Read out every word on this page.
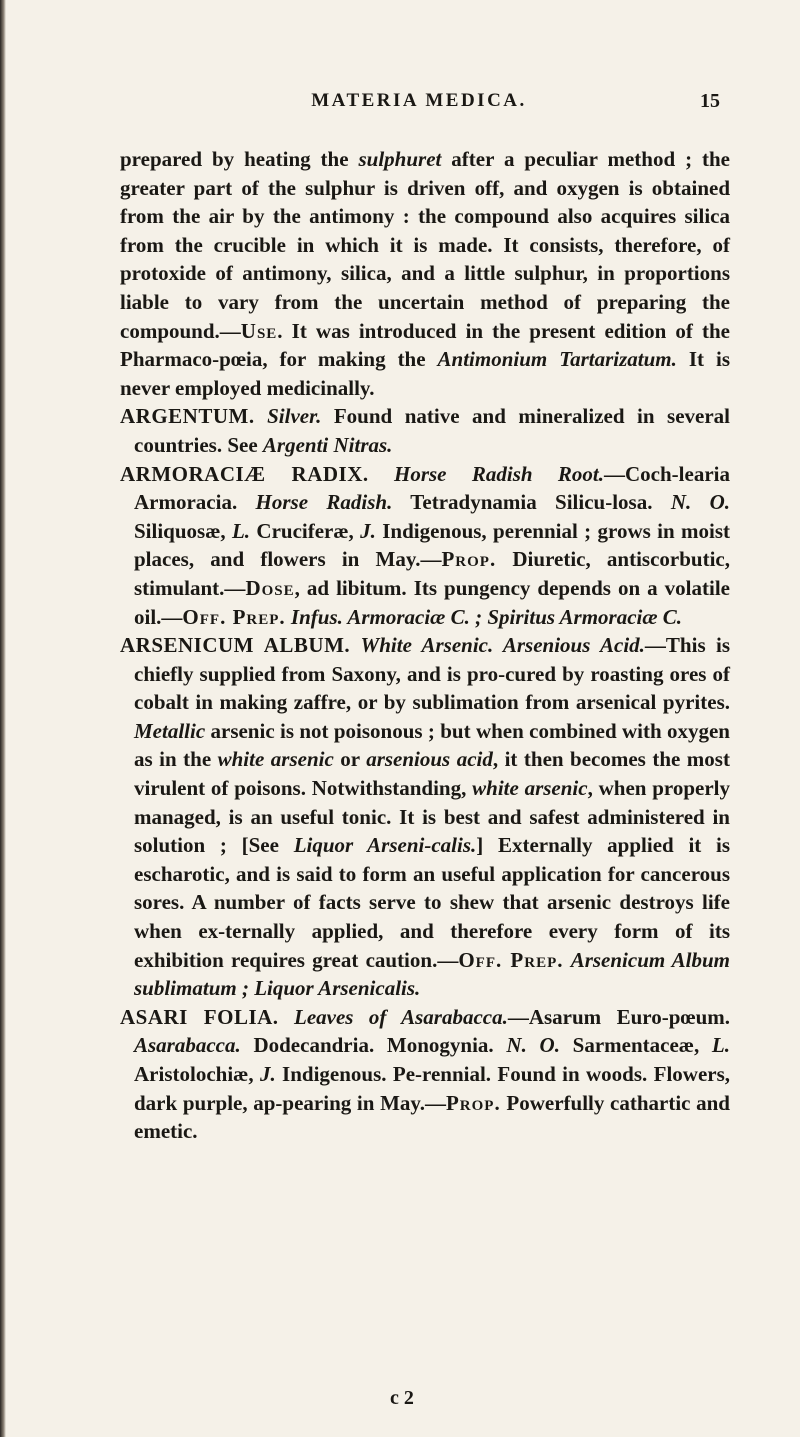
MATERIA MEDICA.	15

prepared by heating the sulphuret after a peculiar method ; the greater part of the sulphur is driven off, and oxygen is obtained from the air by the antimony : the compound also acquires silica from the crucible in which it is made. It consists, therefore, of protoxide of antimony, silica, and a little sulphur, in proportions liable to vary from the uncertain method of preparing the compound.—Use. It was introduced in the present edition of the Pharmaco-pœia, for making the Antimonium Tartarizatum. It is never employed medicinally.

ARGENTUM. Silver. Found native and mineralized in several countries. See Argenti Nitras.

ARMORACIÆ RADIX. Horse Radish Root.—Coch-learia Armoracia. Horse Radish. Tetradynamia Silicu-losa. N. O. Siliquosæ, L. Cruciferæ, J. Indigenous, perennial ; grows in moist places, and flowers in May.—Prop. Diuretic, antiscorbutic, stimulant.—Dose, ad libitum. Its pungency depends on a volatile oil.—Off. Prep. Infus. Armoraciæ C. ; Spiritus Armoraciæ C.

ARSENICUM ALBUM. White Arsenic. Arsenious Acid.—This is chiefly supplied from Saxony, and is pro-cured by roasting ores of cobalt in making zaffre, or by sublimation from arsenical pyrites. Metallic arsenic is not poisonous ; but when combined with oxygen as in the white arsenic or arsenious acid, it then becomes the most virulent of poisons. Notwithstanding, white arsenic, when properly managed, is an useful tonic. It is best and safest administered in solution ; [See Liquor Arseni-calis.] Externally applied it is escharotic, and is said to form an useful application for cancerous sores. A number of facts serve to shew that arsenic destroys life when ex-ternally applied, and therefore every form of its exhibition requires great caution.—Off. Prep. Arsenicum Album sublimatum ; Liquor Arsenicalis.

ASARI FOLIA. Leaves of Asarabacca.—Asarum Euro-pœum. Asarabacca. Dodecandria. Monogynia. N. O. Sarmentaceæ, L. Aristolochiæ, J. Indigenous. Pe-rennial. Found in woods. Flowers, dark purple, ap-pearing in May.—Prop. Powerfully cathartic and emetic.

c 2
